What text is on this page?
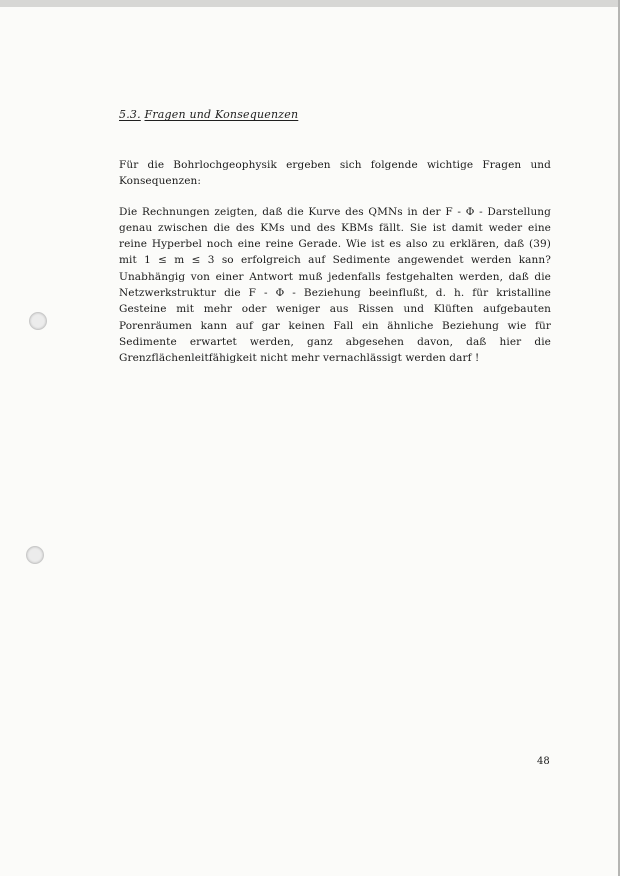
5.3. Fragen und Konsequenzen

Für die Bohrlochgeophysik ergeben sich folgende wichtige Fragen und Konsequenzen:

Die Rechnungen zeigten, daß die Kurve des QMNs in der F - Φ - Darstellung genau zwischen die des KMs und des KBMs fällt. Sie ist damit weder eine reine Hyperbel noch eine reine Gerade. Wie ist es also zu erklären, daß (39) mit 1 ≤ m ≤ 3 so erfolgreich auf Sedimente angewendet werden kann? Unabhängig von einer Antwort muß jedenfalls festgehalten werden, daß die Netzwerkstruktur die F - Φ - Beziehung beeinflußt, d. h. für kristalline Gesteine mit mehr oder weniger aus Rissen und Klüften aufgebauten Porenräumen kann auf gar keinen Fall ein ähnliche Beziehung wie für Sedimente erwartet werden, ganz abgesehen davon, daß hier die Grenzflächenleitfähigkeit nicht mehr vernachlässigt werden darf !

48
